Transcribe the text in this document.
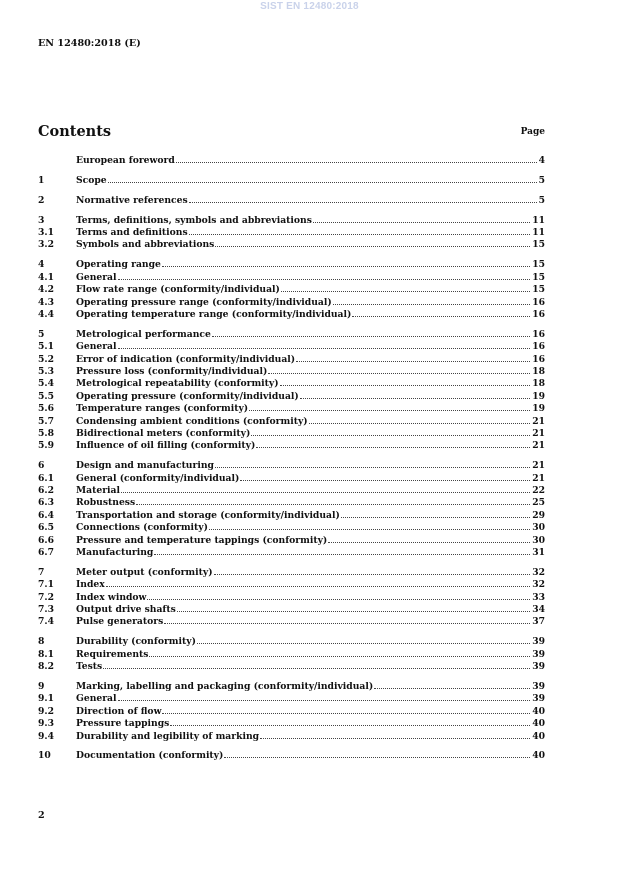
SIST EN 12480:2018
EN 12480:2018 (E)
Contents	Page
European foreword	4
1	Scope	5
2	Normative references	5
3	Terms, definitions, symbols and abbreviations	11
3.1	Terms and definitions	11
3.2	Symbols and abbreviations	15
4	Operating range	15
4.1	General	15
4.2	Flow rate range (conformity/individual)	15
4.3	Operating pressure range (conformity/individual)	16
4.4	Operating temperature range (conformity/individual)	16
5	Metrological performance	16
5.1	General	16
5.2	Error of indication (conformity/individual)	16
5.3	Pressure loss (conformity/individual)	18
5.4	Metrological repeatability (conformity)	18
5.5	Operating pressure (conformity/individual)	19
5.6	Temperature ranges (conformity)	19
5.7	Condensing ambient conditions (conformity)	21
5.8	Bidirectional meters (conformity)	21
5.9	Influence of oil filling (conformity)	21
6	Design and manufacturing	21
6.1	General (conformity/individual)	21
6.2	Material	22
6.3	Robustness	25
6.4	Transportation and storage (conformity/individual)	29
6.5	Connections (conformity)	30
6.6	Pressure and temperature tappings (conformity)	30
6.7	Manufacturing	31
7	Meter output (conformity)	32
7.1	Index	32
7.2	Index window	33
7.3	Output drive shafts	34
7.4	Pulse generators	37
8	Durability (conformity)	39
8.1	Requirements	39
8.2	Tests	39
9	Marking, labelling and packaging (conformity/individual)	39
9.1	General	39
9.2	Direction of flow	40
9.3	Pressure tappings	40
9.4	Durability and legibility of marking	40
10	Documentation (conformity)	40
2
